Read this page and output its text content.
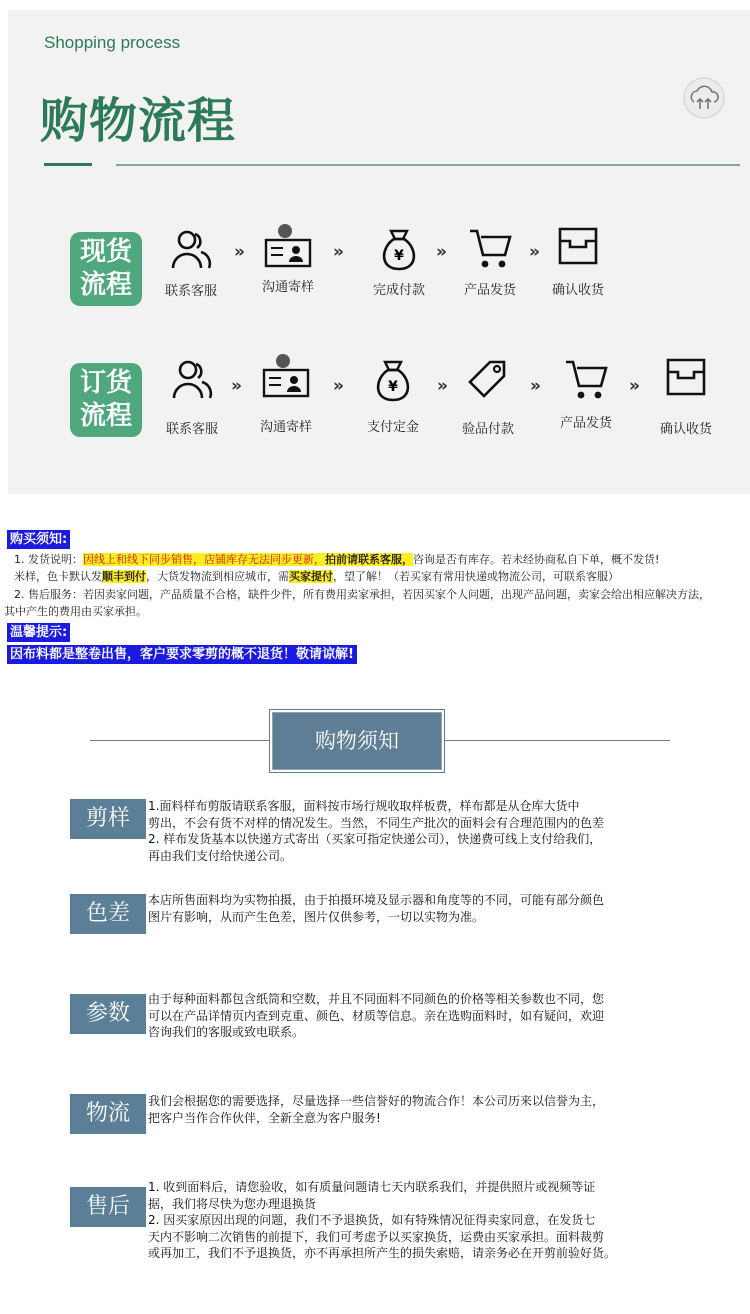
Shopping process
购物流程
现货
流程	联系客服
»
沟通寄样
»	¥
完成付款
»
产品发货
»
确认收货
订货
流程	联系客服
»
沟通寄样
»	¥
支付定金
»
验品付款
»
产品发货
»
确认收货
购买须知:
1. 发货说明：因线上和线下同步销售，店铺库存无法同步更新，拍前请联系客服，咨询是否有库存。若未经协商私自下单，概不发货!
米样，色卡默认发顺丰到付，大货发物流到相应城市，需买家提付，望了解！（若买家有常用快递或物流公司，可联系客服）
2. 售后服务：若因卖家问题，产品质量不合格，缺件少件，所有费用卖家承担，若因买家个人问题，出现产品问题，卖家会给出相应解决方法，
其中产生的费用由买家承担。
温馨提示:
因布料都是整卷出售，客户要求零剪的概不退货！敬请谅解!
购物须知
剪样	1.面料样布剪版请联系客服，面料按市场行规收取样板费，样布都是从仓库大货中
剪出，不会有货不对样的情况发生。当然，不同生产批次的面料会有合理范围内的色差
2. 样布发货基本以快递方式寄出（买家可指定快递公司），快递费可线上支付给我们，
再由我们支付给快递公司。
色差
本店所售面料均为实物拍摄，由于拍摄环境及显示器和角度等的不同，可能有部分颜色
图片有影响，从而产生色差，图片仅供参考，一切以实物为准。
参数
由于每种面料都包含纸筒和空数，并且不同面料不同颜色的价格等相关参数也不同，您
可以在产品详情页内查到克重、颜色、材质等信息。亲在选购面料时，如有疑问，欢迎
咨询我们的客服或致电联系。
物流	我们会根据您的需要选择，尽量选择一些信誉好的物流合作！本公司历来以信誉为主，
把客户当作合作伙伴，全新全意为客户服务!
售后
1. 收到面料后，请您验收，如有质量问题请七天内联系我们，并提供照片或视频等证
据，我们将尽快为您办理退换货
2. 因买家原因出现的问题，我们不予退换货，如有特殊情况征得卖家同意，在发货七
天内不影响二次销售的前提下，我们可考虑予以买家换货，运费由买家承担。面料裁剪
或再加工，我们不予退换货，亦不再承担所产生的损失索赔，请亲务必在开剪前验好货。
